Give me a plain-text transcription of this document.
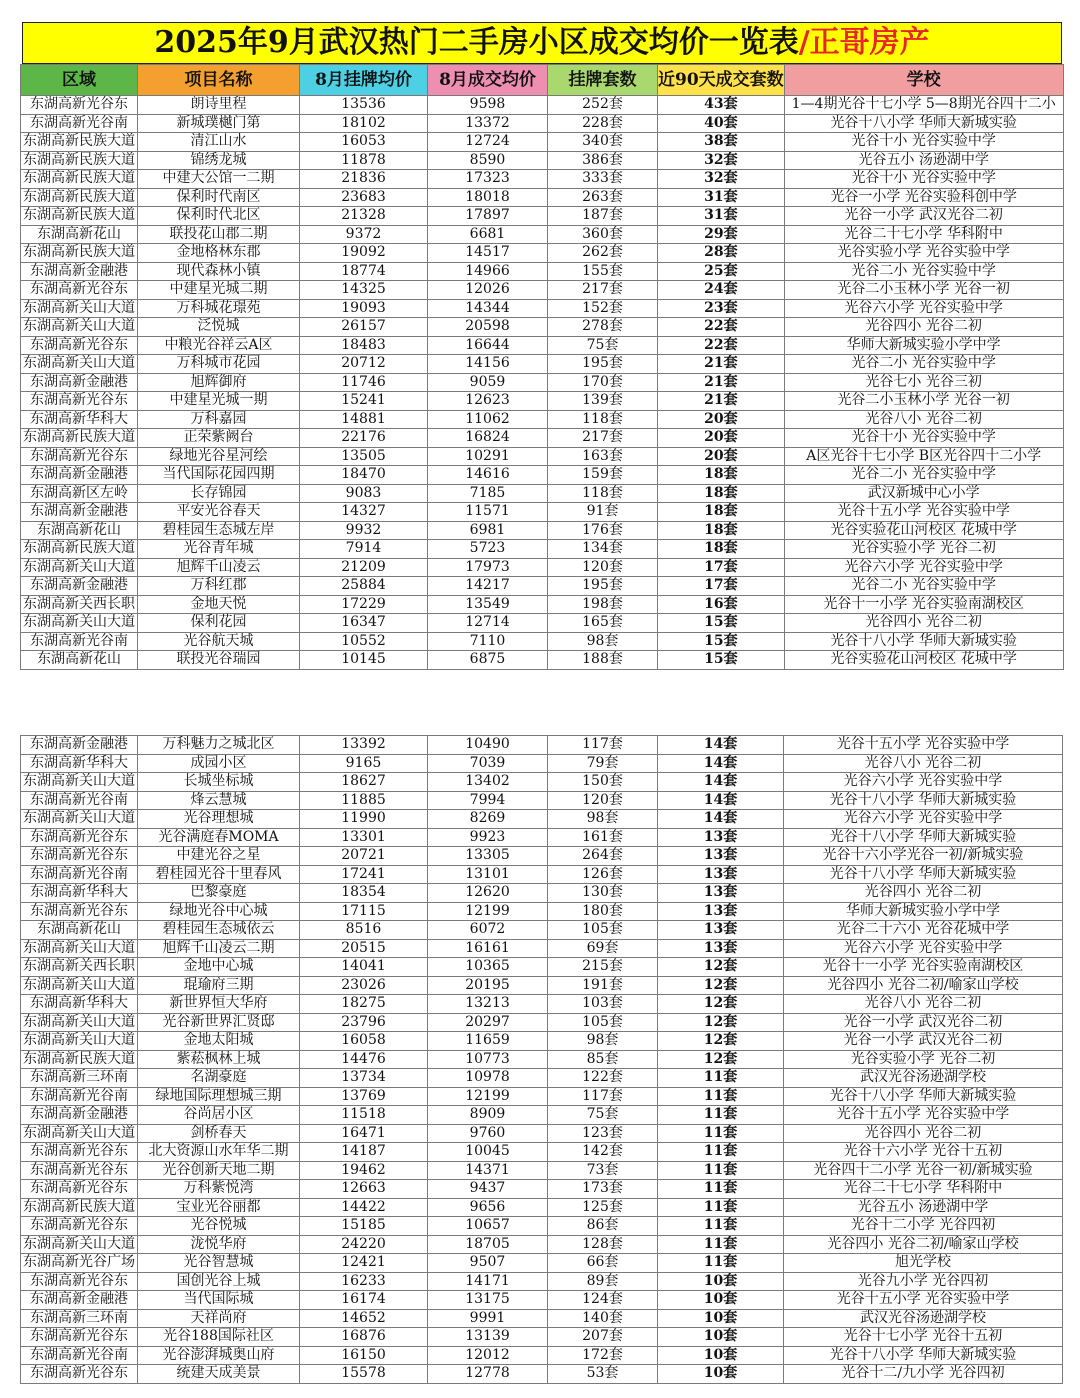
2025年9月武汉热门二手房小区成交均价一览表/正哥房产
区域	项目名称	8月挂牌均价	8月成交均价	挂牌套数	近90天成交套数	学校
东湖高新光谷东	朗诗里程	13536	9598	252套	43套	1—4期光谷十七小学 5—8期光谷四十二小
东湖高新光谷南	新城璞樾门第	18102	13372	228套	40套	光谷十八小学 华师大新城实验
东湖高新民族大道	清江山水	16053	12724	340套	38套	光谷十小 光谷实验中学
东湖高新民族大道	锦绣龙城	11878	8590	386套	32套	光谷五小 汤逊湖中学
东湖高新民族大道	中建大公馆一二期	21836	17323	333套	32套	光谷十小 光谷实验中学
东湖高新民族大道	保利时代南区	23683	18018	263套	31套	光谷一小学 光谷实验科创中学
东湖高新民族大道	保利时代北区	21328	17897	187套	31套	光谷一小学 武汉光谷二初
东湖高新花山	联投花山郡二期	9372	6681	360套	29套	光谷二十七小学 华科附中
东湖高新民族大道	金地格林东郡	19092	14517	262套	28套	光谷实验小学 光谷实验中学
东湖高新金融港	现代森林小镇	18774	14966	155套	25套	光谷二小 光谷实验中学
东湖高新光谷东	中建星光城二期	14325	12026	217套	24套	光谷二小玉林小学 光谷一初
东湖高新关山大道	万科城花璟苑	19093	14344	152套	23套	光谷六小学 光谷实验中学
东湖高新关山大道	泛悦城	26157	20598	278套	22套	光谷四小 光谷二初
东湖高新光谷东	中粮光谷祥云A区	18483	16644	75套	22套	华师大新城实验小学中学
东湖高新关山大道	万科城市花园	20712	14156	195套	21套	光谷二小 光谷实验中学
东湖高新金融港	旭辉御府	11746	9059	170套	21套	光谷七小 光谷三初
东湖高新光谷东	中建星光城一期	15241	12623	139套	21套	光谷二小玉林小学 光谷一初
东湖高新华科大	万科嘉园	14881	11062	118套	20套	光谷八小 光谷二初
东湖高新民族大道	正荣紫阙台	22176	16824	217套	20套	光谷十小 光谷实验中学
东湖高新光谷东	绿地光谷星河绘	13505	10291	163套	20套	A区光谷十七小学 B区光谷四十二小学
东湖高新金融港	当代国际花园四期	18470	14616	159套	18套	光谷二小 光谷实验中学
东湖高新区左岭	长存锦园	9083	7185	118套	18套	武汉新城中心小学
东湖高新金融港	平安光谷春天	14327	11571	91套	18套	光谷十五小学 光谷实验中学
东湖高新花山	碧桂园生态城左岸	9932	6981	176套	18套	光谷实验花山河校区 花城中学
东湖高新民族大道	光谷青年城	7914	5723	134套	18套	光谷实验小学 光谷二初
东湖高新关山大道	旭辉千山凌云	21209	17973	120套	17套	光谷六小学 光谷实验中学
东湖高新金融港	万科红郡	25884	14217	195套	17套	光谷二小 光谷实验中学
东湖高新关西长职	金地天悦	17229	13549	198套	16套	光谷十一小学 光谷实验南湖校区
东湖高新关山大道	保利花园	16347	12714	165套	15套	光谷四小 光谷二初
东湖高新光谷南	光谷航天城	10552	7110	98套	15套	光谷十八小学 华师大新城实验
东湖高新花山	联投光谷瑞园	10145	6875	188套	15套	光谷实验花山河校区 花城中学
东湖高新金融港	万科魅力之城北区	13392	10490	117套	14套	光谷十五小学 光谷实验中学
东湖高新华科大	成园小区	9165	7039	79套	14套	光谷八小 光谷二初
东湖高新关山大道	长城坐标城	18627	13402	150套	14套	光谷六小学 光谷实验中学
东湖高新光谷南	烽云慧城	11885	7994	120套	14套	光谷十八小学 华师大新城实验
东湖高新关山大道	光谷理想城	11990	8269	98套	14套	光谷六小学 光谷实验中学
东湖高新光谷东	光谷满庭春MOMA	13301	9923	161套	13套	光谷十八小学 华师大新城实验
东湖高新光谷东	中建光谷之星	20721	13305	264套	13套	光谷十六小学光谷一初/新城实验
东湖高新光谷南	碧桂园光谷十里春风	17241	13101	126套	13套	光谷十八小学 华师大新城实验
东湖高新华科大	巴黎豪庭	18354	12620	130套	13套	光谷四小 光谷二初
东湖高新光谷东	绿地光谷中心城	17115	12199	180套	13套	华师大新城实验小学中学
东湖高新花山	碧桂园生态城依云	8516	6072	105套	13套	光谷二十六小 光谷花城中学
东湖高新关山大道	旭辉千山凌云二期	20515	16161	69套	13套	光谷六小学 光谷实验中学
东湖高新关西长职	金地中心城	14041	10365	215套	12套	光谷十一小学 光谷实验南湖校区
东湖高新关山大道	琨瑜府三期	23026	20195	191套	12套	光谷四小 光谷二初/喻家山学校
东湖高新华科大	新世界恒大华府	18275	13213	103套	12套	光谷八小 光谷二初
东湖高新关山大道	光谷新世界汇贤邸	23796	20297	105套	12套	光谷一小学 武汉光谷二初
东湖高新关山大道	金地太阳城	16058	11659	98套	12套	光谷一小学 武汉光谷二初
东湖高新民族大道	紫菘枫林上城	14476	10773	85套	12套	光谷实验小学 光谷二初
东湖高新三环南	名湖豪庭	13734	10978	122套	11套	武汉光谷汤逊湖学校
东湖高新光谷南	绿地国际理想城三期	13769	12199	117套	11套	光谷十八小学 华师大新城实验
东湖高新金融港	谷尚居小区	11518	8909	75套	11套	光谷十五小学 光谷实验中学
东湖高新关山大道	剑桥春天	16471	9760	123套	11套	光谷四小 光谷二初
东湖高新光谷东	北大资源山水年华二期	14187	10045	142套	11套	光谷十六小学 光谷十五初
东湖高新光谷东	光谷创新天地二期	19462	14371	73套	11套	光谷四十二小学 光谷一初/新城实验
东湖高新光谷东	万科紫悦湾	12663	9437	173套	11套	光谷二十七小学 华科附中
东湖高新民族大道	宝业光谷丽都	14422	9656	125套	11套	光谷五小 汤逊湖中学
东湖高新光谷东	光谷悦城	15185	10657	86套	11套	光谷十二小学 光谷四初
东湖高新关山大道	泷悦华府	24220	18705	128套	11套	光谷四小 光谷二初/喻家山学校
东湖高新光谷广场	光谷智慧城	12421	9507	66套	11套	旭光学校
东湖高新光谷东	国创光谷上城	16233	14171	89套	10套	光谷九小学 光谷四初
东湖高新金融港	当代国际城	16174	13175	124套	10套	光谷十五小学 光谷实验中学
东湖高新三环南	天祥尚府	14652	9991	140套	10套	武汉光谷汤逊湖学校
东湖高新光谷东	光谷188国际社区	16876	13139	207套	10套	光谷十七小学 光谷十五初
东湖高新光谷南	光谷澎湃城奥山府	16150	12012	172套	10套	光谷十八小学 华师大新城实验
东湖高新光谷东	统建天成美景	15578	12778	53套	10套	光谷十二/九小学 光谷四初
